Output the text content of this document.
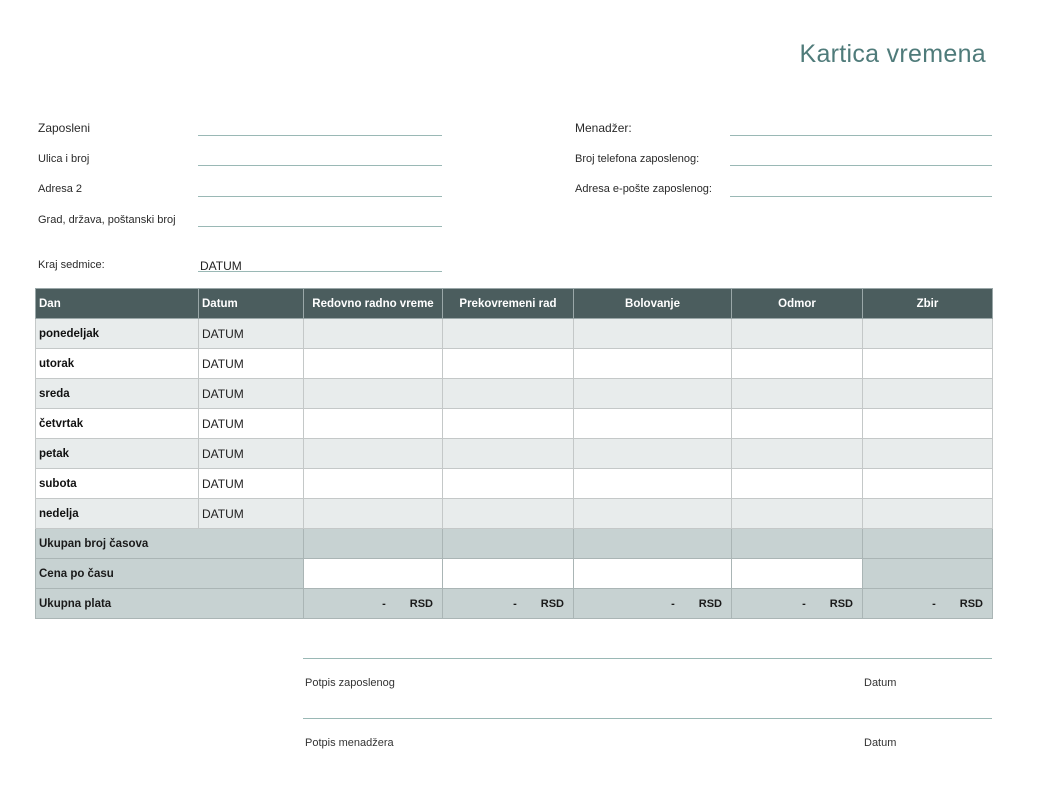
Kartica vremena
Zaposleni
Ulica i broj
Adresa 2
Grad, država, poštanski broj
Kraj sedmice:	DATUM
Menadžer:
Broj telefona zaposlenog:
Adresa e-pošte zaposlenog:
Dan	Datum	Redovno radno vreme	Prekovremeni rad	Bolovanje	Odmor	Zbir
ponedeljak	DATUM					
utorak	DATUM					
sreda	DATUM					
četvrtak	DATUM					
petak	DATUM					
subota	DATUM					
nedelja	DATUM					
Ukupan broj časova						
Cena po času						
Ukupna plata		- RSD	- RSD	- RSD	- RSD	- RSD
Potpis zaposlenog	Datum
Potpis menadžera	Datum
